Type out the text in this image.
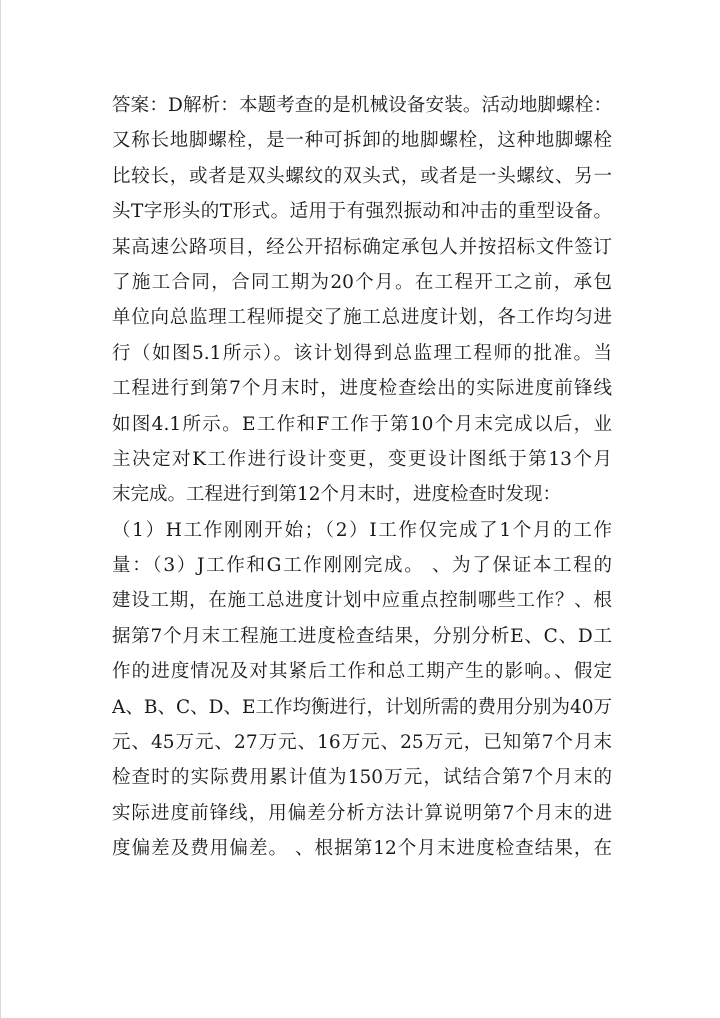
答案：D解析：本题考查的是机械设备安装。活动地脚螺栓：
又称长地脚螺栓，是一种可拆卸的地脚螺栓，这种地脚螺栓
比较长，或者是双头螺纹的双头式，或者是一头螺纹、另一
头T字形头的T形式。适用于有强烈振动和冲击的重型设备。
某高速公路项目，经公开招标确定承包人并按招标文件签订
了施工合同，合同工期为20个月。在工程开工之前，承包
单位向总监理工程师提交了施工总进度计划，各工作均匀进
行（如图5.1所示）。该计划得到总监理工程师的批准。当
工程进行到第7个月末时，进度检查绘出的实际进度前锋线
如图4.1所示。E工作和F工作于第10个月末完成以后，业
主决定对K工作进行设计变更，变更设计图纸于第13个月
末完成。工程进行到第12个月末时，进度检查时发现：
（1）H工作刚刚开始；（2）I工作仅完成了1个月的工作
量：（3）J工作和G工作刚刚完成。 、为了保证本工程的
建设工期，在施工总进度计划中应重点控制哪些工作？、根
据第7个月末工程施工进度检查结果，分别分析E、C、D工
作的进度情况及对其紧后工作和总工期产生的影响。、假定
A、B、C、D、E工作均衡进行，计划所需的费用分别为40万
元、45万元、27万元、16万元、25万元，已知第7个月末
检查时的实际费用累计值为150万元，试结合第7个月末的
实际进度前锋线，用偏差分析方法计算说明第7个月末的进
度偏差及费用偏差。 、根据第12个月末进度检查结果，在
